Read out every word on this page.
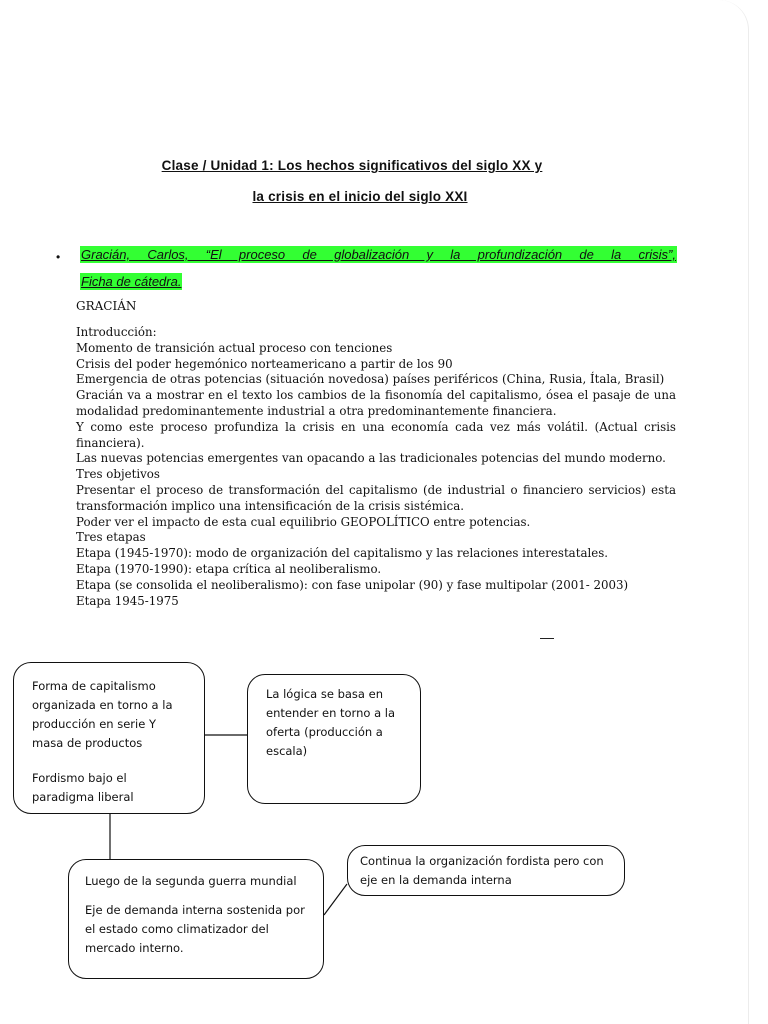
Clase / Unidad 1: Los hechos significativos del siglo XX y
la crisis en el inicio del siglo XXI
• Gracián, Carlos, “El proceso de globalización y la profundización de la crisis”,
Ficha de cátedra.
GRACIÁN

Introducción:

Momento de transición actual proceso con tenciones

Crisis del poder hegemónico norteamericano a partir de los 90

Emergencia de otras potencias (situación novedosa) países periféricos (China, Rusia, Ítala, Brasil)

Gracián va a mostrar en el texto los cambios de la fisonomía del capitalismo, ósea el pasaje de una modalidad predominantemente industrial a otra predominantemente financiera.

Y como este proceso profundiza la crisis en una economía cada vez más volátil. (Actual crisis financiera).

Las nuevas potencias emergentes van opacando a las tradicionales potencias del mundo moderno.

Tres objetivos

Presentar el proceso de transformación del capitalismo (de industrial o financiero servicios) esta transformación implico una intensificación de la crisis sistémica.

Poder ver el impacto de esta cual equilibrio GEOPOLÍTICO entre potencias.

Tres etapas

Etapa (1945-1970): modo de organización del capitalismo y las relaciones interestatales.

Etapa (1970-1990): etapa crítica al neoliberalismo.

Etapa (se consolida el neoliberalismo): con fase unipolar (90) y fase multipolar (2001- 2003)

Etapa 1945-1975

Forma de capitalismo organizada en torno a la producción en serie Y masa de productos

Fordismo bajo el paradigma liberal

La lógica se basa en entender en torno a la oferta (producción a escala)

Luego de la segunda guerra mundial

Eje de demanda interna sostenida por el estado como climatizador del mercado interno.

Continua la organización fordista pero con eje en la demanda interna
